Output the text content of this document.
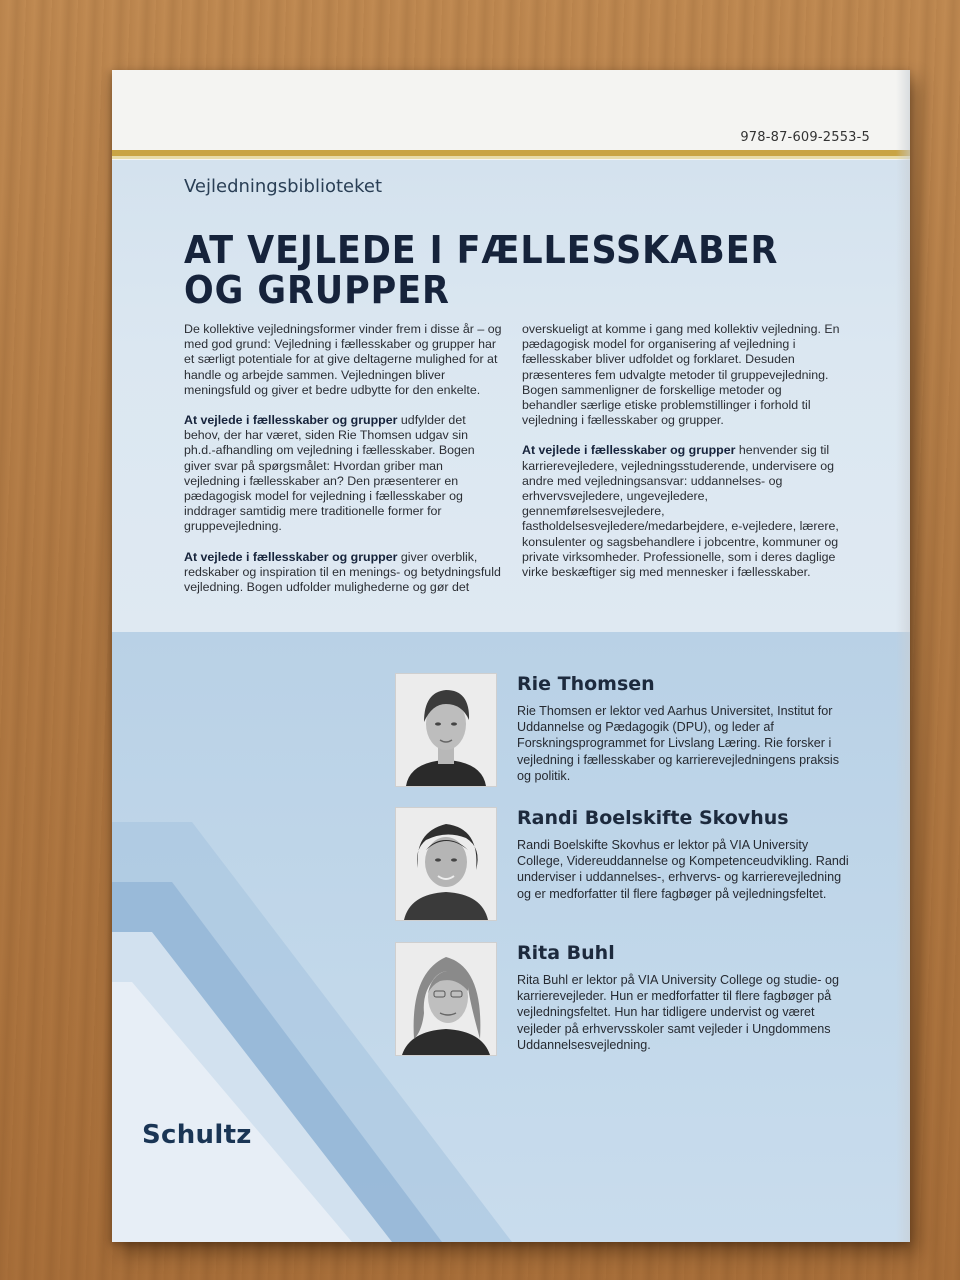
978-87-609-2553-5
Vejledningsbiblioteket
AT VEJLEDE I FÆLLESSKABER
OG GRUPPER

De kollektive vejledningsformer vinder frem i disse år – og med god grund: Vejledning i fællesskaber og grupper har et særligt potentiale for at give deltagerne mulighed for at handle og arbejde sammen. Vejledningen bliver meningsfuld og giver et bedre udbytte for den enkelte.

At vejlede i fællesskaber og grupper udfylder det behov, der har været, siden Rie Thomsen udgav sin ph.d.-afhandling om vejledning i fællesskaber. Bogen giver svar på spørgsmålet: Hvordan griber man vejledning i fællesskaber an? Den præsenterer en pædagogisk model for vejledning i fællesskaber og inddrager samtidig mere traditionelle former for gruppevejledning.

At vejlede i fællesskaber og grupper giver overblik, redskaber og inspiration til en menings- og betydningsfuld vejledning. Bogen udfolder mulighederne og gør det

overskueligt at komme i gang med kollektiv vejledning. En pædagogisk model for organisering af vejledning i fællesskaber bliver udfoldet og forklaret. Desuden præsenteres fem udvalgte metoder til gruppevejledning. Bogen sammenligner de forskellige metoder og behandler særlige etiske problemstillinger i forhold til vejledning i fællesskaber og grupper.

At vejlede i fællesskaber og grupper henvender sig til karrierevejledere, vejledningsstuderende, undervisere og andre med vejledningsansvar: uddannelses- og erhvervsvejledere, ungevejledere, gennemførelsesvejledere, fastholdelsesvejledere/medarbejdere, e-vejledere, lærere, konsulenter og sagsbehandlere i jobcentre, kommuner og private virksomheder. Professionelle, som i deres daglige virke beskæftiger sig med mennesker i fællesskaber.

Rie Thomsen
Rie Thomsen er lektor ved Aarhus Universitet, Institut for Uddannelse og Pædagogik (DPU), og leder af Forskningsprogrammet for Livslang Læring. Rie forsker i vejledning i fællesskaber og karrierevejledningens praksis og politik.
Randi Boelskifte Skovhus
Randi Boelskifte Skovhus er lektor på VIA University College, Videreuddannelse og Kompetenceudvikling. Randi underviser i uddannelses-, erhvervs- og karrierevejledning og er medforfatter til flere fagbøger på vejledningsfeltet.
Rita Buhl
Rita Buhl er lektor på VIA University College og studie- og karrierevejleder. Hun er medforfatter til flere fagbøger på vejledningsfeltet. Hun har tidligere undervist og været vejleder på erhvervsskoler samt vejleder i Ungdommens Uddannelsesvejledning.
Schultz
